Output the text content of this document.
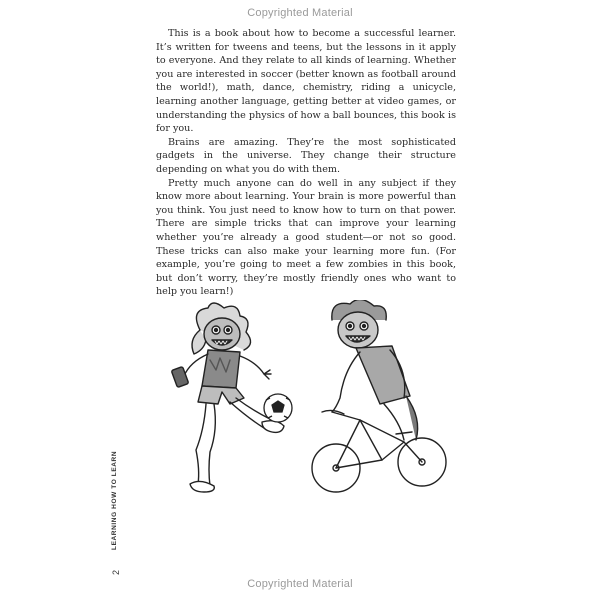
Copyrighted Material

This is a book about how to become a successful learner. It’s written for tweens and teens, but the lessons in it apply to everyone. And they relate to all kinds of learning. Whether you are interested in soccer (better known as football around the world!), math, dance, chemistry, riding a unicycle, learning another language, getting better at video games, or understanding the physics of how a ball bounces, this book is for you.

Brains are amazing. They’re the most sophisticated gadgets in the universe. They change their structure depending on what you do with them.

Pretty much anyone can do well in any subject if they know more about learning. Your brain is more powerful than you think. You just need to know how to turn on that power. There are simple tricks that can improve your learning whether you’re already a good student—or not so good. These tricks can also make your learning more fun. (For example, you’re going to meet a few zombies in this book, but don’t worry, they’re mostly friendly ones who want to help you learn!)

LEARNING HOW TO LEARN
2
Copyrighted Material
